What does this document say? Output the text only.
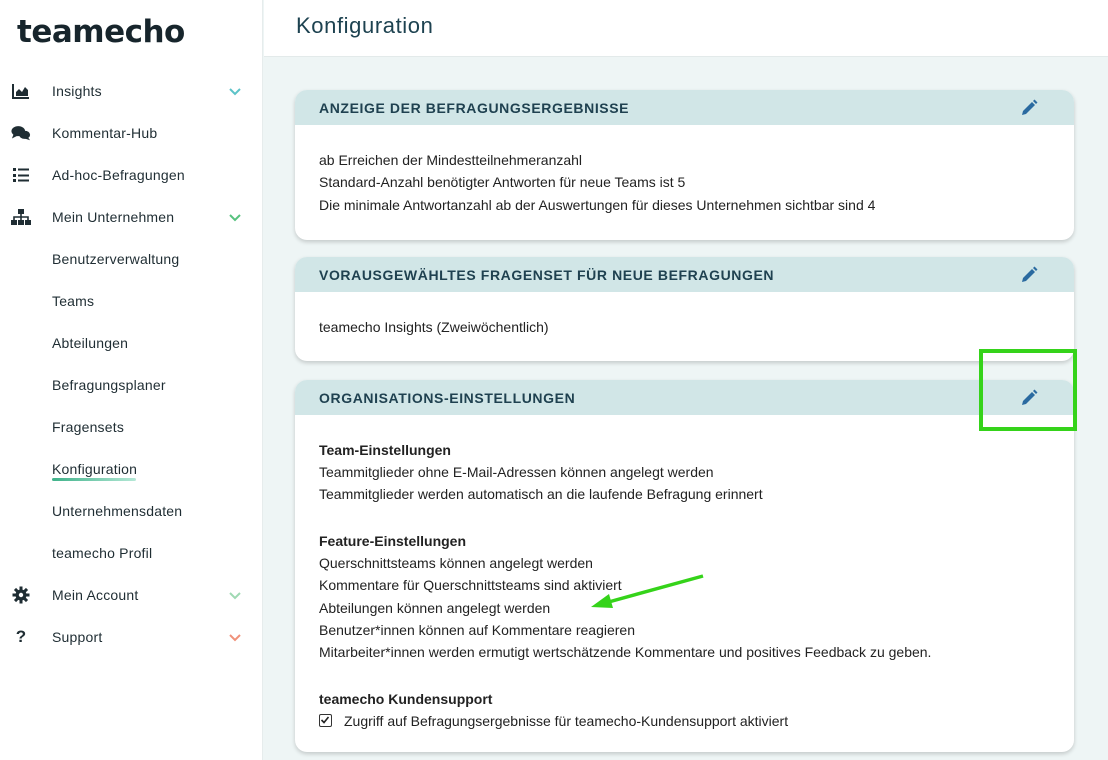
teamecho
Insights
Kommentar-Hub
Ad-hoc-Befragungen
Mein Unternehmen
Benutzerverwaltung
Teams
Abteilungen
Befragungsplaner
Fragensets
Konfiguration
Unternehmensdaten
teamecho Profil
Mein Account
?	Support
Konfiguration
ANZEIGE DER BEFRAGUNGSERGEBNISSE
ab Erreichen der Mindestteilnehmeranzahl
Standard-Anzahl benötigter Antworten für neue Teams ist 5
Die minimale Antwortanzahl ab der Auswertungen für dieses Unternehmen sichtbar sind 4
VORAUSGEWÄHLTES FRAGENSET FÜR NEUE BEFRAGUNGEN
teamecho Insights (Zweiwöchentlich)
ORGANISATIONS-EINSTELLUNGEN
Team-Einstellungen
Teammitglieder ohne E-Mail-Adressen können angelegt werden
Teammitglieder werden automatisch an die laufende Befragung erinnert
Feature-Einstellungen
Querschnittsteams können angelegt werden
Kommentare für Querschnittsteams sind aktiviert
Abteilungen können angelegt werden
Benutzer*innen können auf Kommentare reagieren
Mitarbeiter*innen werden ermutigt wertschätzende Kommentare und positives Feedback zu geben.
teamecho Kundensupport
Zugriff auf Befragungsergebnisse für teamecho-Kundensupport aktiviert
